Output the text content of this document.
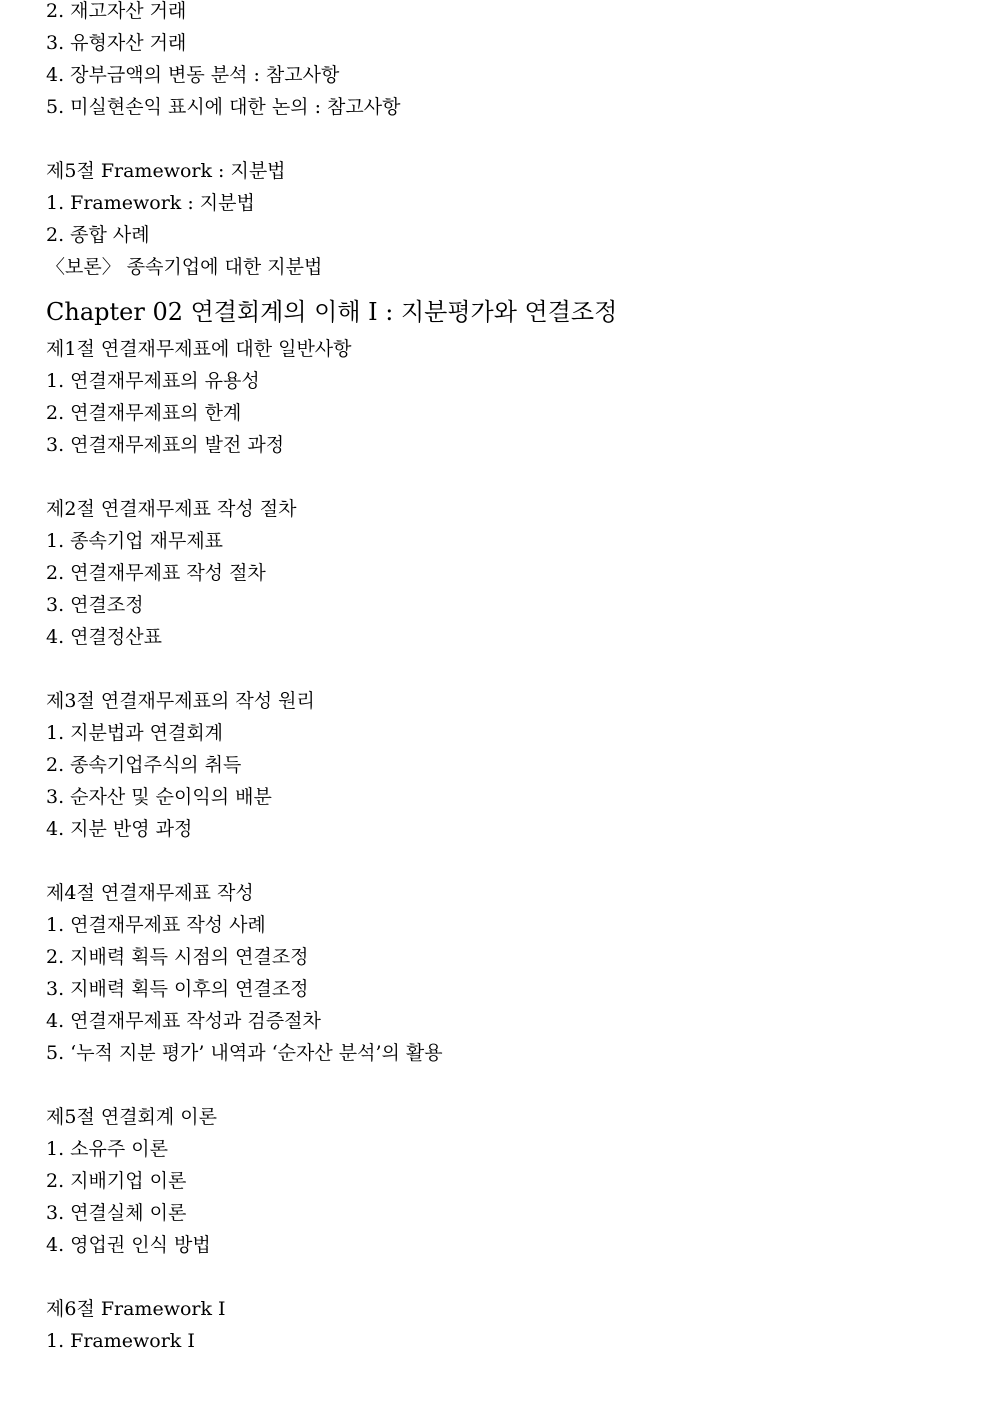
2. 재고자산 거래
3. 유형자산 거래
4. 장부금액의 변동 분석 : 참고사항
5. 미실현손익 표시에 대한 논의 : 참고사항
제5절 Framework : 지분법
1. Framework : 지분법
2. 종합 사례
〈보론〉 종속기업에 대한 지분법
Chapter 02 연결회계의 이해 Ⅰ : 지분평가와 연결조정
제1절 연결재무제표에 대한 일반사항
1. 연결재무제표의 유용성
2. 연결재무제표의 한계
3. 연결재무제표의 발전 과정
제2절 연결재무제표 작성 절차
1. 종속기업 재무제표
2. 연결재무제표 작성 절차
3. 연결조정
4. 연결정산표
제3절 연결재무제표의 작성 원리
1. 지분법과 연결회계
2. 종속기업주식의 취득
3. 순자산 및 순이익의 배분
4. 지분 반영 과정
제4절 연결재무제표 작성
1. 연결재무제표 작성 사례
2. 지배력 획득 시점의 연결조정
3. 지배력 획득 이후의 연결조정
4. 연결재무제표 작성과 검증절차
5. ‘누적 지분 평가’ 내역과 ‘순자산 분석’의 활용
제5절 연결회계 이론
1. 소유주 이론
2. 지배기업 이론
3. 연결실체 이론
4. 영업권 인식 방법
제6절 Framework Ⅰ
1. Framework Ⅰ
